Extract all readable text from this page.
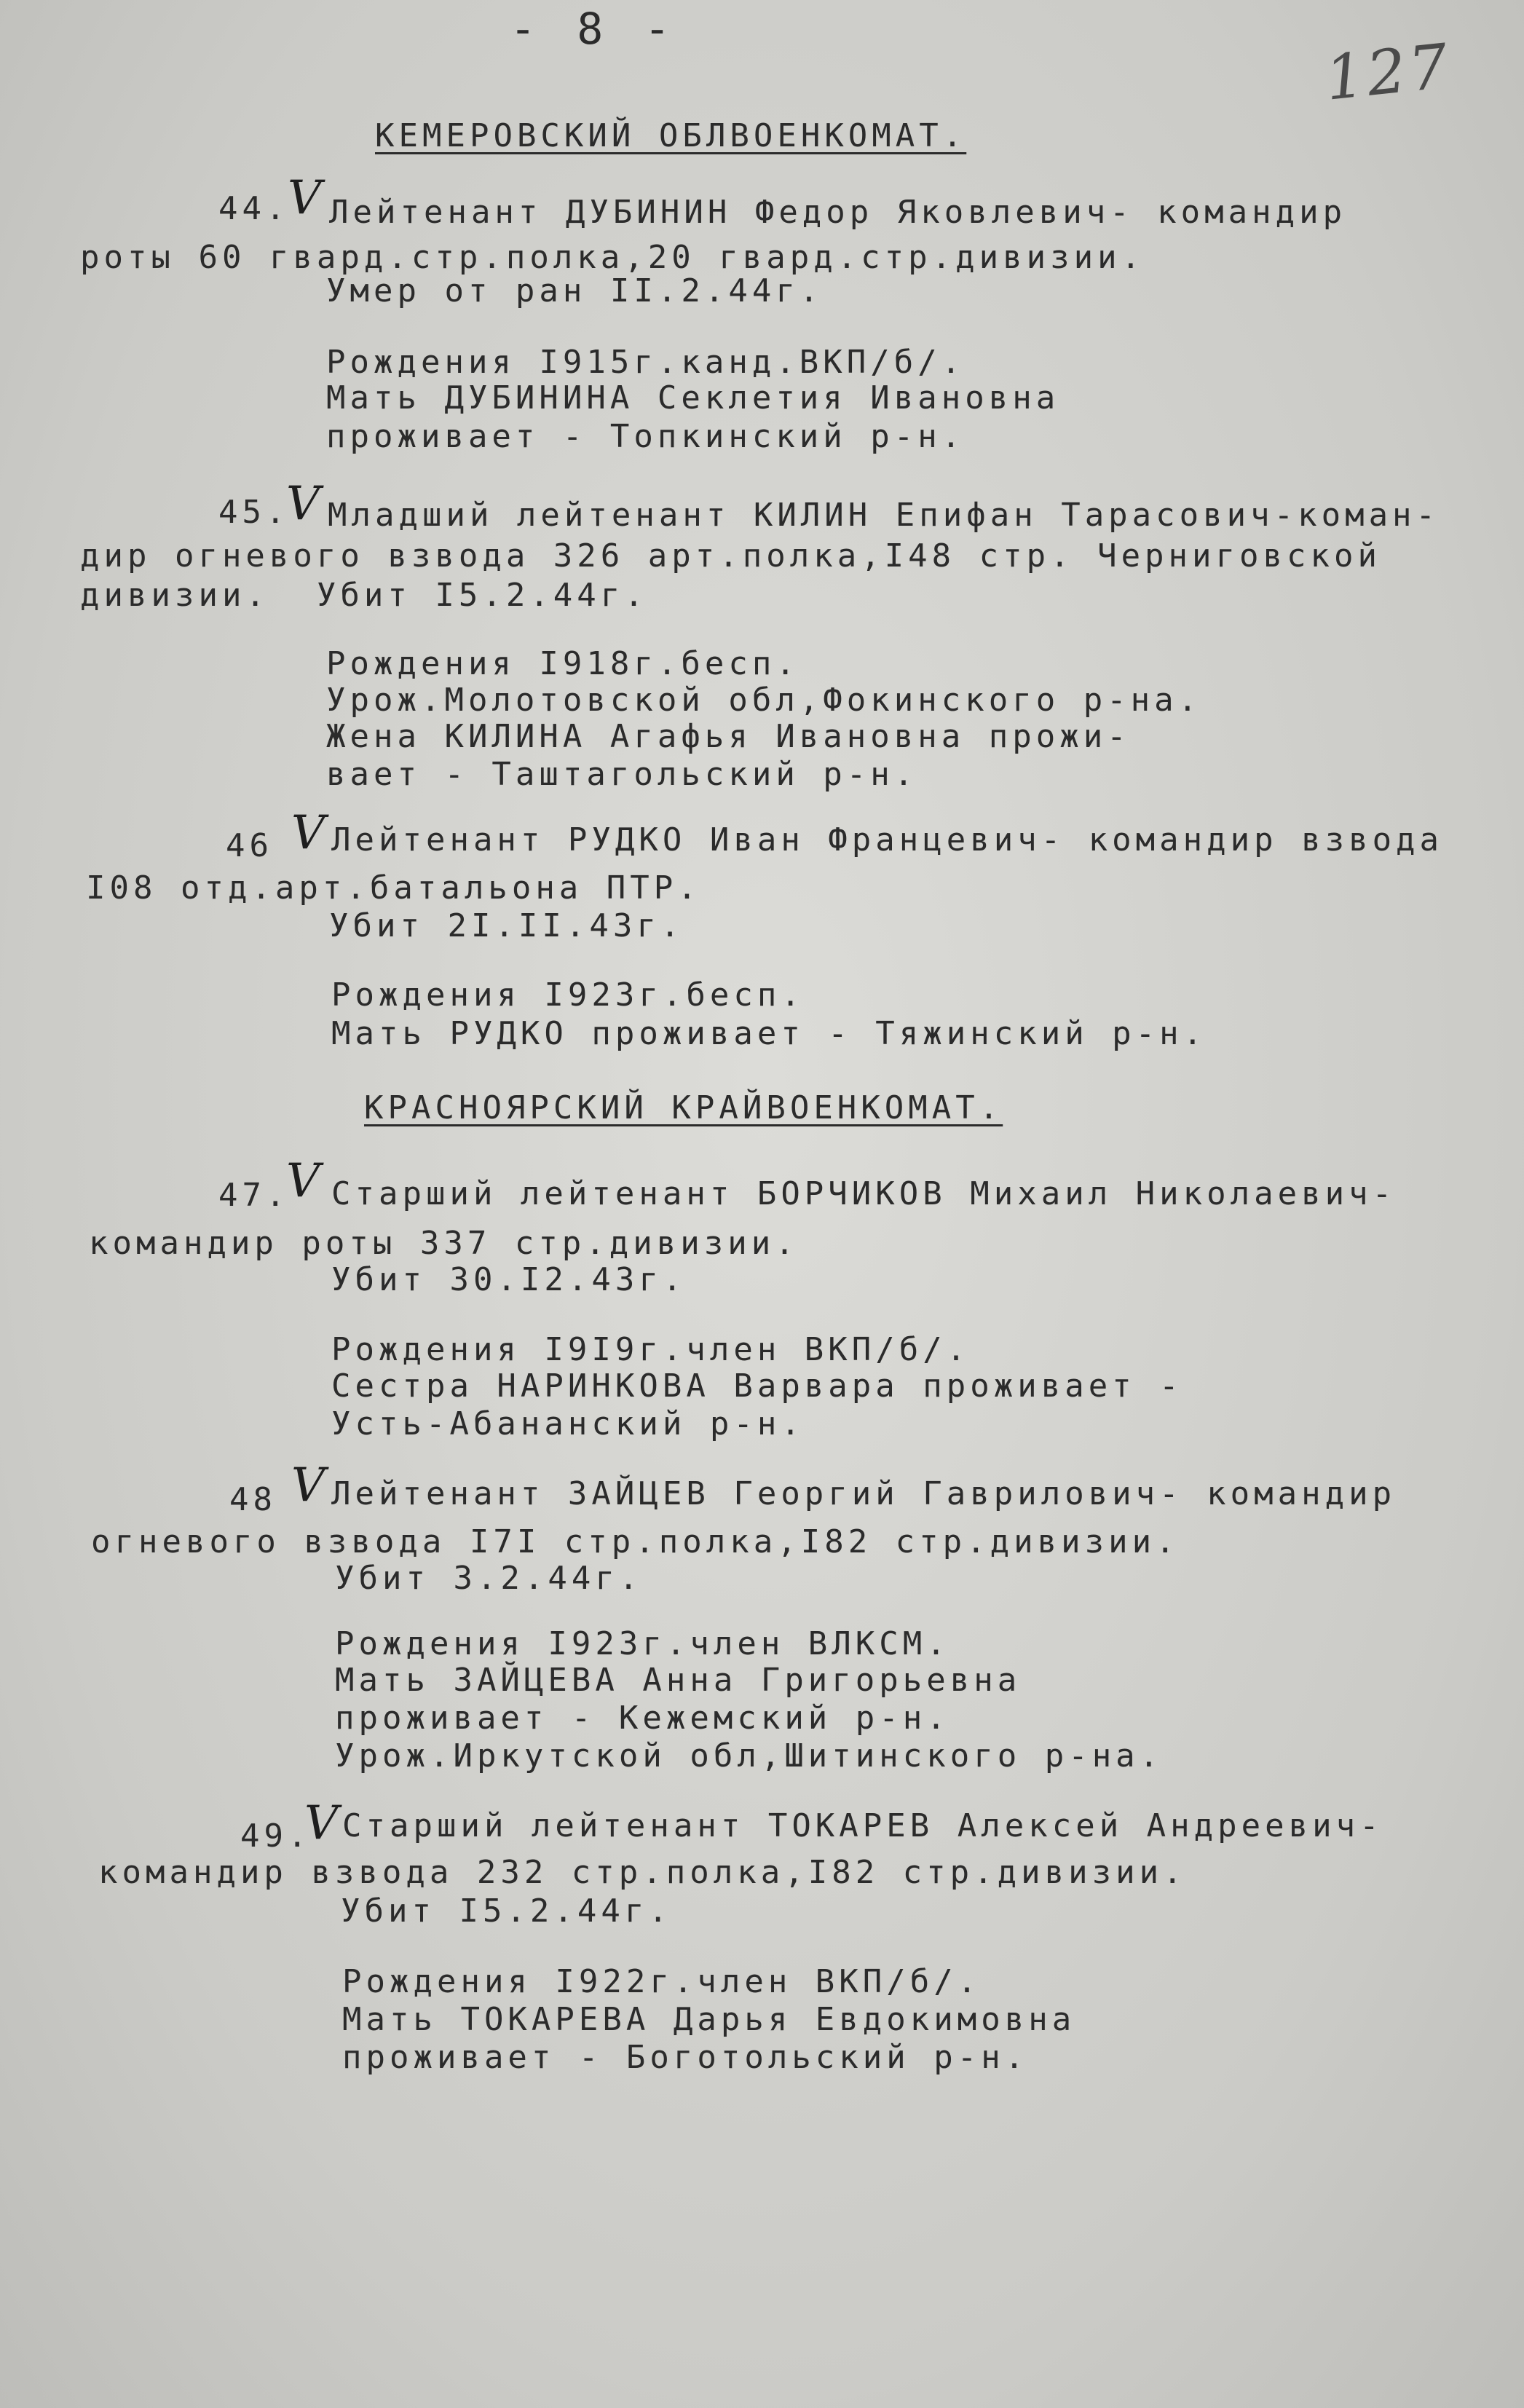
- 8 -
127
КЕМЕРОВСКИЙ ОБЛВОЕНКОМАТ.
44.
V Лейтенант ДУБИНИН Федор Яковлевич- командир
роты 60 гвард.стр.полка,20 гвард.стр.дивизии.
Умер от ран II.2.44г.
Рождения I915г.канд.ВКП/б/.
Мать ДУБИНИНА Секлетия Ивановна
проживает - Топкинский р-н.
45.
V Младший лейтенант КИЛИН Епифан Тарасович-коман-
дир огневого взвода 326 арт.полка,I48 стр. Черниговской
дивизии.  Убит I5.2.44г.
Рождения I918г.бесп.
Урож.Молотовской обл,Фокинского р-на.
Жена КИЛИНА Агафья Ивановна прожи-
вает - Таштагольский р-н.
46 V Лейтенант РУДКО Иван Францевич- командир взвода
I08 отд.арт.батальона ПТР.
Убит 2I.II.43г.
Рождения I923г.бесп.
Мать РУДКО проживает - Тяжинский р-н.
КРАСНОЯРСКИЙ КРАЙВОЕНКОМАТ.
47.
V Старший лейтенант БОРЧИКОВ Михаил Николаевич-
командир роты 337 стр.дивизии.
Убит 30.I2.43г.
Рождения I9I9г.член ВКП/б/.
Сестра НАРИНКОВА Варвара проживает -
Усть-Абананский р-н.
48 V Лейтенант ЗАЙЦЕВ Георгий Гаврилович- командир
огневого взвода I7I стр.полка,I82 стр.дивизии.
Убит 3.2.44г.
Рождения I923г.член ВЛКСМ.
Мать ЗАЙЦЕВА Анна Григорьевна
проживает - Кежемский р-н.
Урож.Иркутской обл,Шитинского р-на.
49.
V Старший лейтенант ТОКАРЕВ Алексей Андреевич-
командир взвода 232 стр.полка,I82 стр.дивизии.
Убит I5.2.44г.
Рождения I922г.член ВКП/б/.
Мать ТОКАРЕВА Дарья Евдокимовна
проживает - Боготольский р-н.
